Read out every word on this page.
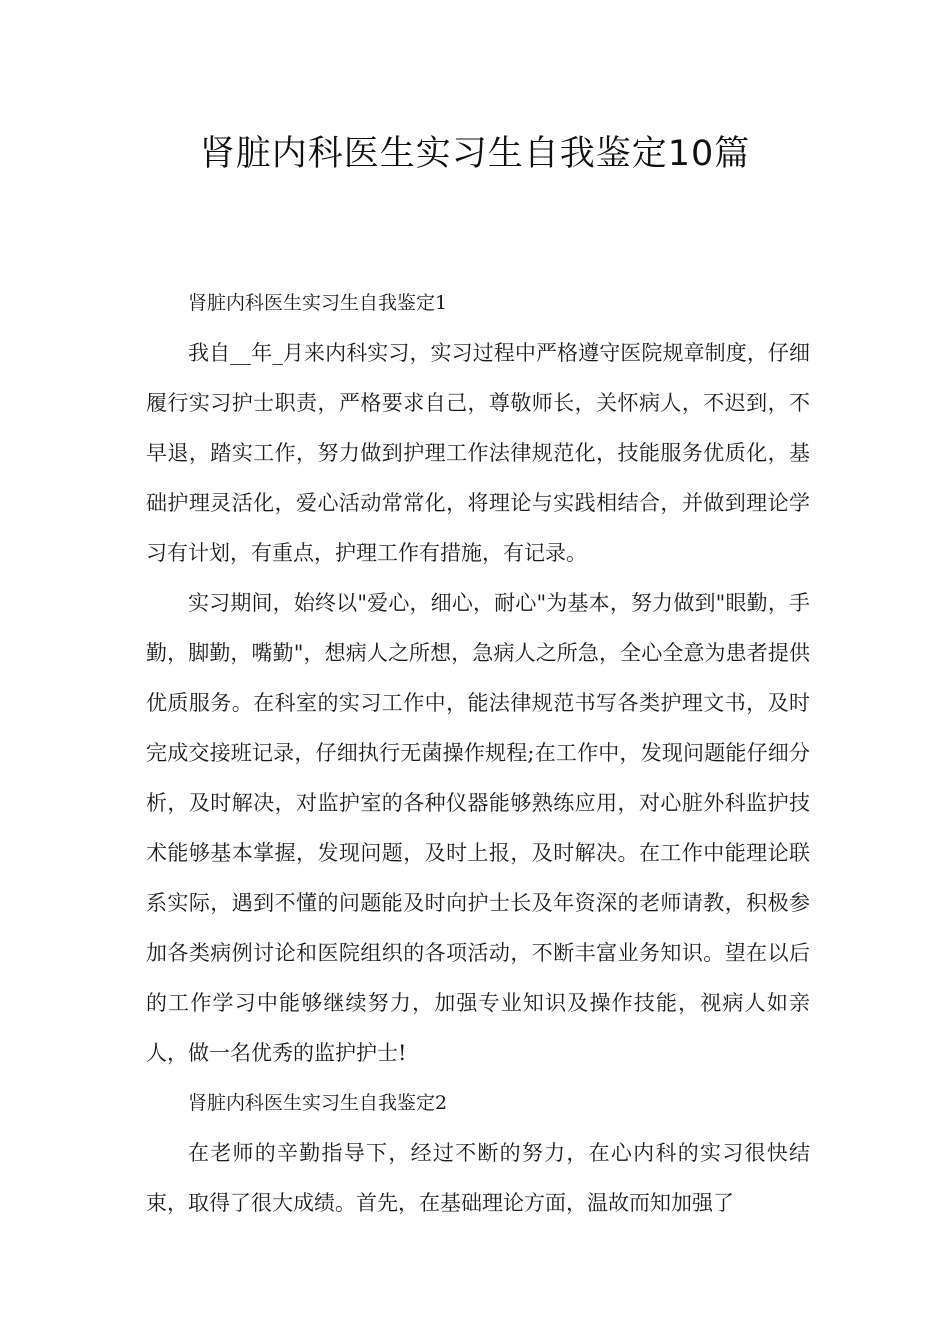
肾脏内科医生实习生自我鉴定10篇
肾脏内科医生实习生自我鉴定1

我自__年_月来内科实习，实习过程中严格遵守医院规章制度，仔细履行实习护士职责，严格要求自己，尊敬师长，关怀病人，不迟到，不早退，踏实工作，努力做到护理工作法律规范化，技能服务优质化，基础护理灵活化，爱心活动常常化，将理论与实践相结合，并做到理论学习有计划，有重点，护理工作有措施，有记录。

实习期间，始终以"爱心，细心，耐心"为基本，努力做到"眼勤，手勤，脚勤，嘴勤"，想病人之所想，急病人之所急，全心全意为患者提供优质服务。在科室的实习工作中，能法律规范书写各类护理文书，及时完成交接班记录，仔细执行无菌操作规程;在工作中，发现问题能仔细分析，及时解决，对监护室的各种仪器能够熟练应用，对心脏外科监护技术能够基本掌握，发现问题，及时上报，及时解决。在工作中能理论联系实际，遇到不懂的问题能及时向护士长及年资深的老师请教，积极参加各类病例讨论和医院组织的各项活动，不断丰富业务知识。望在以后的工作学习中能够继续努力，加强专业知识及操作技能，视病人如亲人，做一名优秀的监护护士!

肾脏内科医生实习生自我鉴定2

在老师的辛勤指导下，经过不断的努力，在心内科的实习很快结束，取得了很大成绩。首先，在基础理论方面，温故而知加强了
